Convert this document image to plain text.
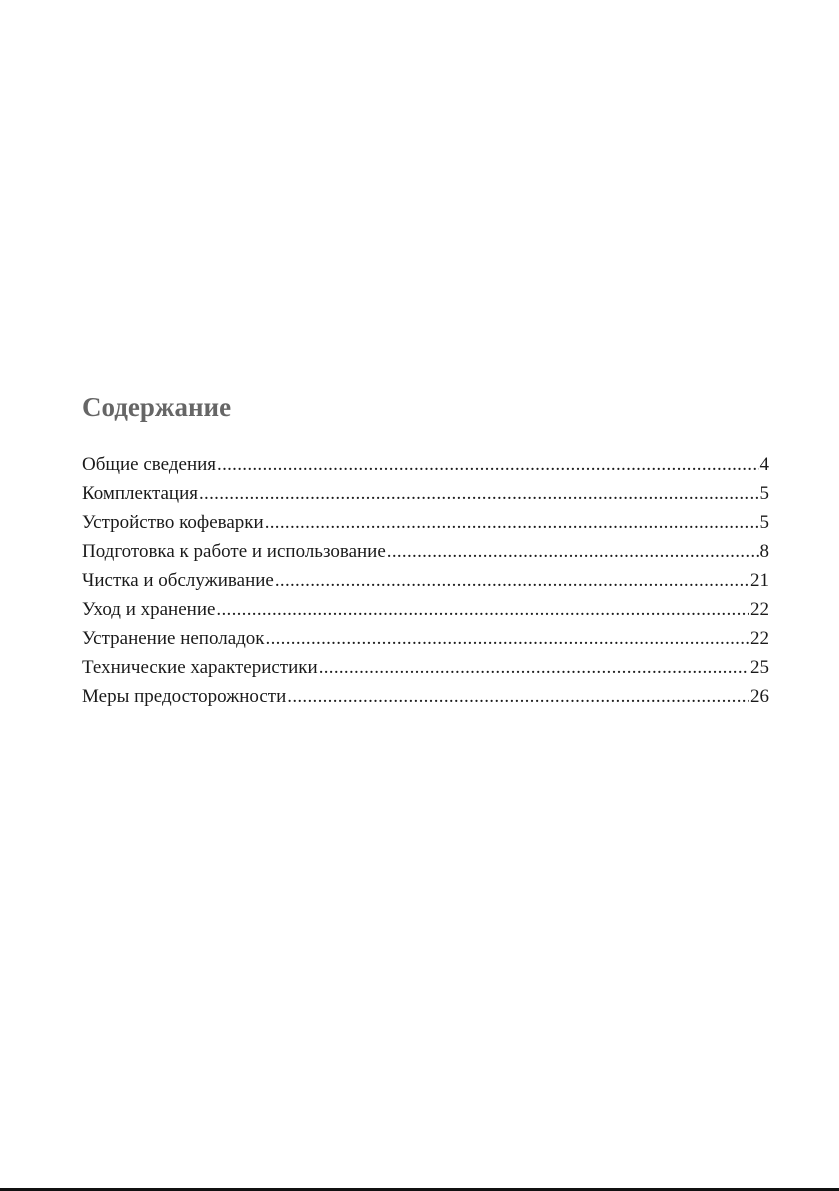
Содержание
Общие сведения .....	4
Комплектация .....	5
Устройство кофеварки .....	5
Подготовка к работе и использование .....	8
Чистка и обслуживание .....	21
Уход и хранение .....	22
Устранение неполадок .....	22
Технические характеристики .....	25
Меры предосторожности .....	26
